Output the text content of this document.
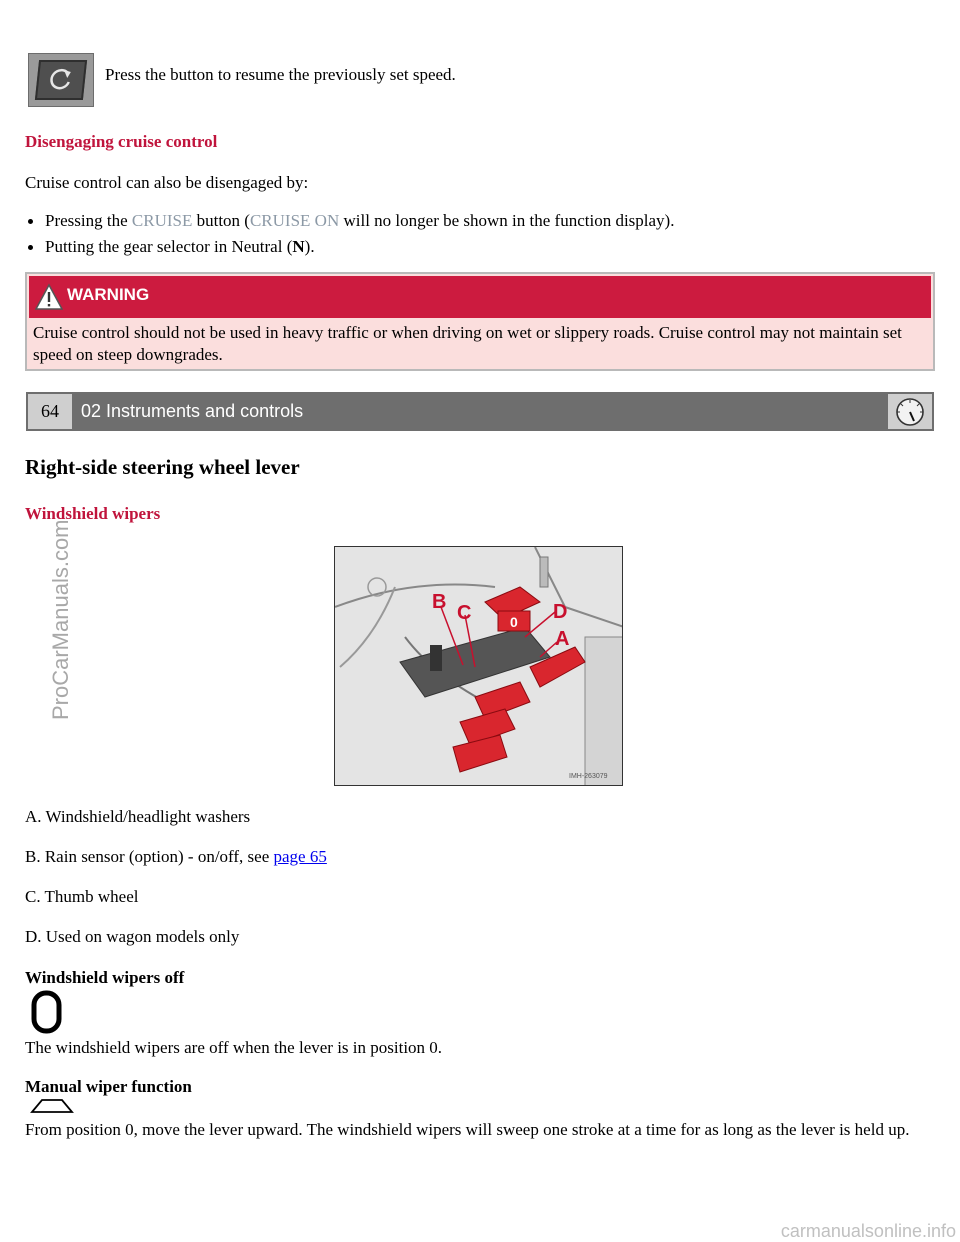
Press the button to resume the previously set speed.
Disengaging cruise control
Cruise control can also be disengaged by:
Pressing the CRUISE button (CRUISE ON will no longer be shown in the function display).
Putting the gear selector in Neutral (N).
WARNING
Cruise control should not be used in heavy traffic or when driving on wet or slippery roads. Cruise control may not maintain set speed on steep downgrades.
64	02 Instruments and controls
Right-side steering wheel lever
Windshield wipers
B C	D
A
0
IMH-263079
A. Windshield/headlight washers
B. Rain sensor (option) - on/off, see page 65
C. Thumb wheel
D. Used on wagon models only
Windshield wipers off
0
The windshield wipers are off when the lever is in position 0.
Manual wiper function
From position 0, move the lever upward. The windshield wipers will sweep one stroke at a time for as long as the lever is held up.
ProCarManuals.com
carmanualsonline.info
